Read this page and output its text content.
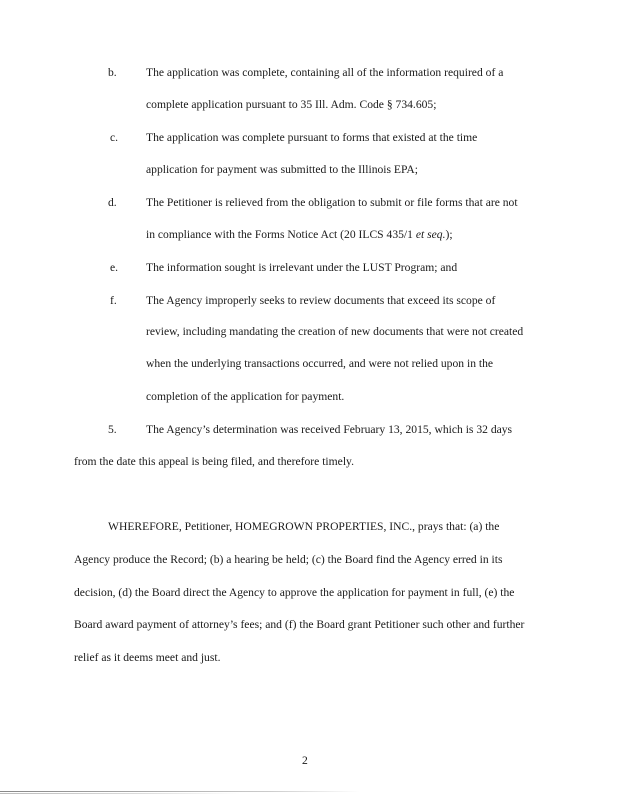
b.	The application was complete, containing all of the information required of a
complete application pursuant to 35 Ill. Adm. Code § 734.605;
c. The application was complete pursuant to forms that existed at the time
application for payment was submitted to the Illinois EPA;
d.	The Petitioner is relieved from the obligation to submit or file forms that are not
in compliance with the Forms Notice Act (20 ILCS 435/1 et seq.);
e. The information sought is irrelevant under the LUST Program; and
f.	The Agency improperly seeks to review documents that exceed its scope of
review, including mandating the creation of new documents that were not created
when the underlying transactions occurred, and were not relied upon in the
completion of the application for payment.
5.	The Agency’s determination was received February 13, 2015, which is 32 days
from the date this appeal is being filed, and therefore timely.
WHEREFORE, Petitioner, HOMEGROWN PROPERTIES, INC., prays that: (a) the
Agency produce the Record; (b) a hearing be held; (c) the Board find the Agency erred in its
decision, (d) the Board direct the Agency to approve the application for payment in full, (e) the
Board award payment of attorney’s fees; and (f) the Board grant Petitioner such other and further
relief as it deems meet and just.
2
